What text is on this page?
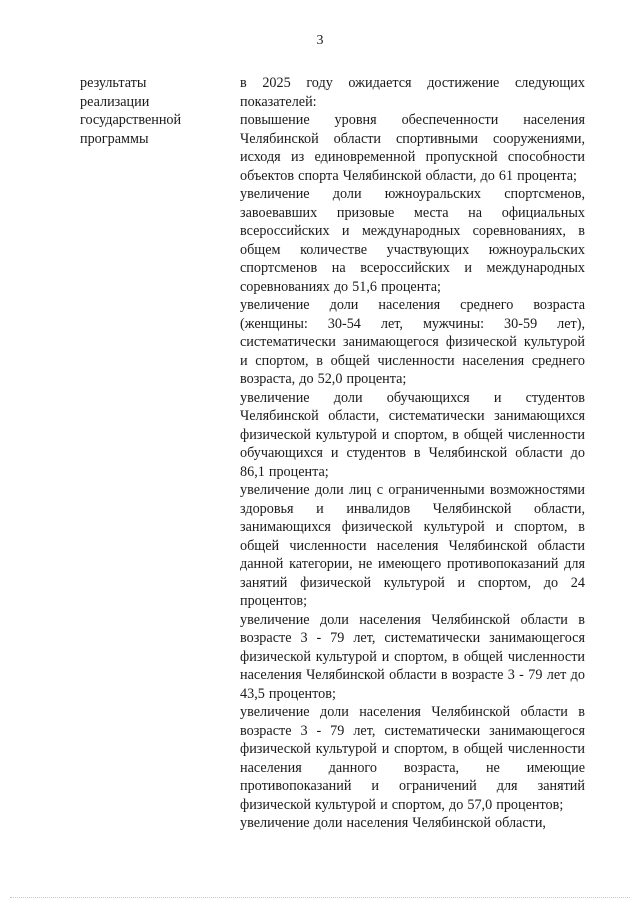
3
результаты
реализации
государственной
программы

в 2025 году ожидается достижение следующих показателей:

повышение уровня обеспеченности населения Челябинской области спортивными сооружениями, исходя из единовременной пропускной способности объектов спорта Челябинской области, до 61 процента;

увеличение доли южноуральских спортсменов, завоевавших призовые места на официальных всероссийских и международных соревнованиях, в общем количестве участвующих южноуральских спортсменов на всероссийских и международных соревнованиях до 51,6 процента;

увеличение доли населения среднего возраста (женщины: 30-54 лет, мужчины: 30-59 лет), систематически занимающегося физической культурой и спортом, в общей численности населения среднего возраста, до 52,0 процента;

увеличение доли обучающихся и студентов Челябинской области, систематически занимающихся физической культурой и спортом, в общей численности обучающихся и студентов в Челябинской области до 86,1 процента;

увеличение доли лиц с ограниченными возможностями здоровья и инвалидов Челябинской области, занимающихся физической культурой и спортом, в общей численности населения Челябинской области данной категории, не имеющего противопоказаний для занятий физической культурой и спортом, до 24 процентов;

увеличение доли населения Челябинской области в возрасте 3 - 79 лет, систематически занимающегося физической культурой и спортом, в общей численности населения Челябинской области в возрасте 3 - 79 лет до 43,5 процентов;

увеличение доли населения Челябинской области в возрасте 3 - 79 лет, систематически занимающегося физической культурой и спортом, в общей численности населения данного возраста, не имеющие противопоказаний и ограничений для занятий физической культурой и спортом, до 57,0 процентов;

увеличение доли населения Челябинской области,
